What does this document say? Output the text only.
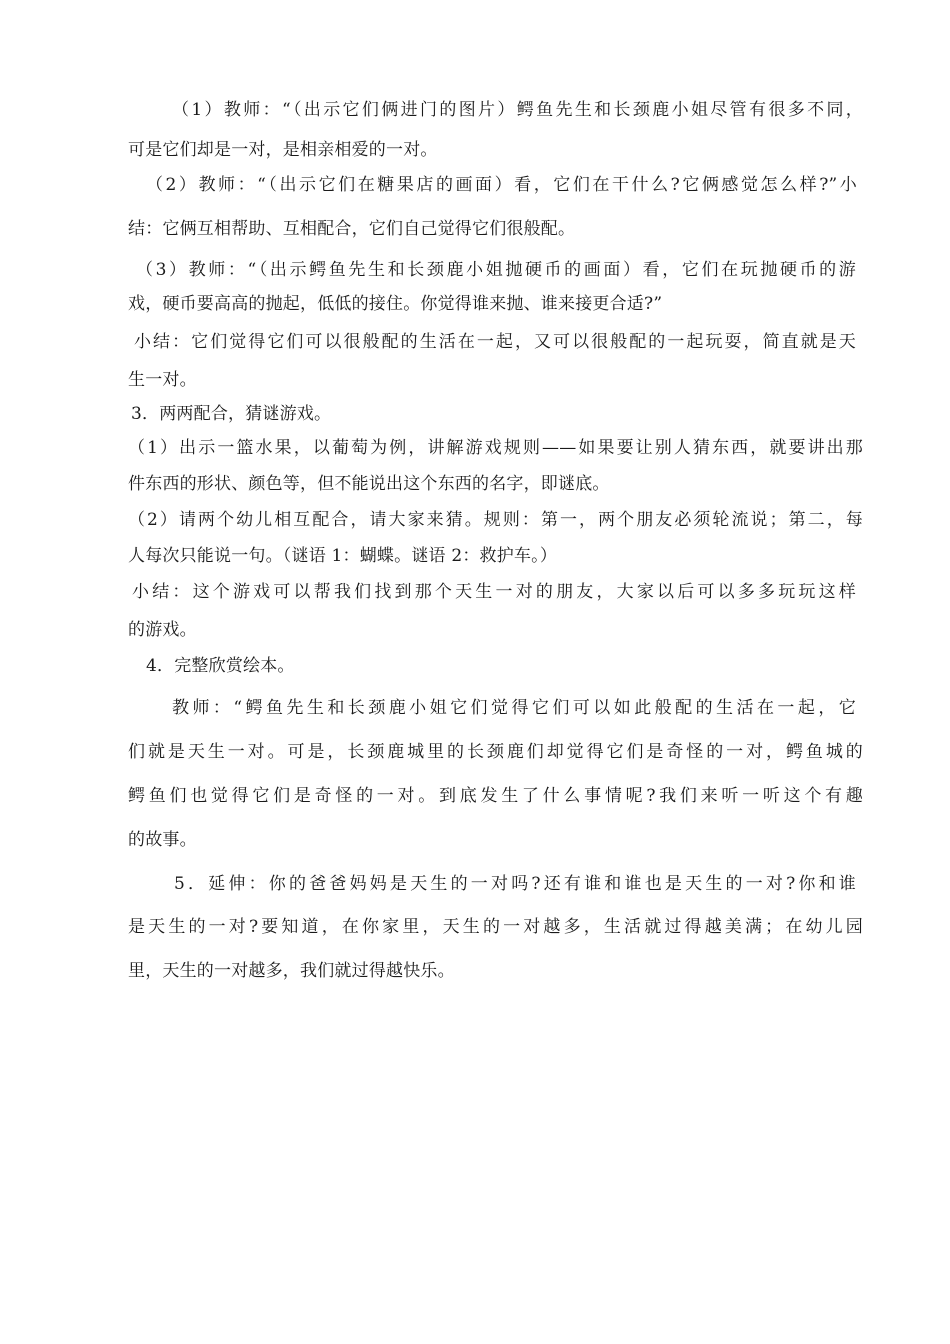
（1）教师：“（出示它们俩进门的图片）鳄鱼先生和长颈鹿小姐尽管有很多不同，
可是它们却是一对，是相亲相爱的一对。
（2）教师：“（出示它们在糖果店的画面）看，它们在干什么?它俩感觉怎么样?”小
结：它俩互相帮助、互相配合，它们自己觉得它们很般配。
（3）教师：“（出示鳄鱼先生和长颈鹿小姐抛硬币的画面）看，它们在玩抛硬币的游
戏，硬币要高高的抛起，低低的接住。你觉得谁来抛、谁来接更合适?”
小结：它们觉得它们可以很般配的生活在一起，又可以很般配的一起玩耍，简直就是天
生一对。
3．两两配合，猜谜游戏。
（1）出示一篮水果，以葡萄为例，讲解游戏规则——如果要让别人猜东西，就要讲出那
件东西的形状、颜色等，但不能说出这个东西的名字，即谜底。
（2）请两个幼儿相互配合，请大家来猜。规则：第一，两个朋友必须轮流说；第二，每
人每次只能说一句。（谜语 1：蝴蝶。谜语 2：救护车。）
小结：这个游戏可以帮我们找到那个天生一对的朋友，大家以后可以多多玩玩这样
的游戏。
4．完整欣赏绘本。
教师：“鳄鱼先生和长颈鹿小姐它们觉得它们可以如此般配的生活在一起，它
们就是天生一对。可是，长颈鹿城里的长颈鹿们却觉得它们是奇怪的一对，鳄鱼城的
鳄鱼们也觉得它们是奇怪的一对。到底发生了什么事情呢?我们来听一听这个有趣
的故事。
5．延伸：你的爸爸妈妈是天生的一对吗?还有谁和谁也是天生的一对?你和谁
是天生的一对?要知道，在你家里，天生的一对越多，生活就过得越美满；在幼儿园
里，天生的一对越多，我们就过得越快乐。
